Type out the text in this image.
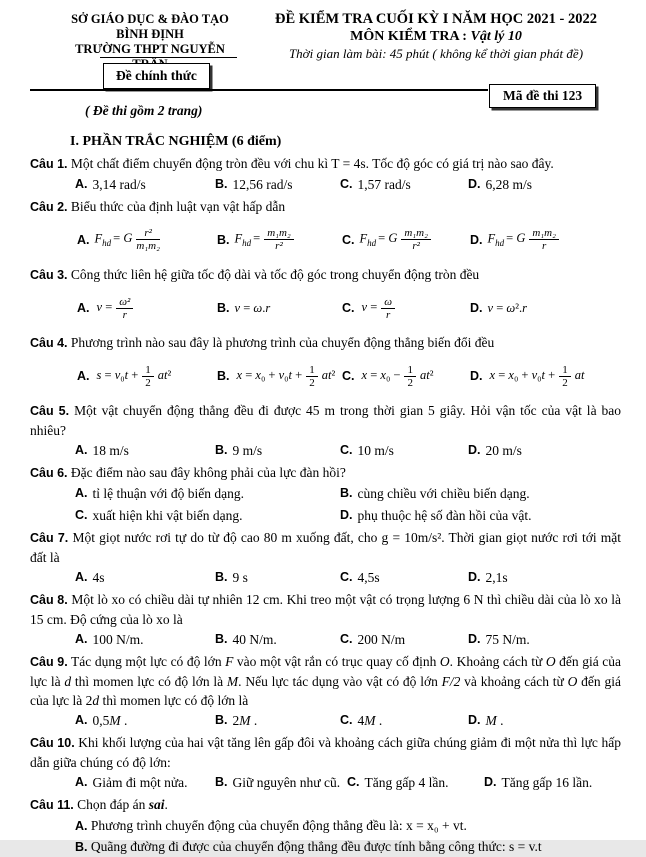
SỞ GIÁO DỤC & ĐÀO TẠO BÌNH ĐỊNH
TRƯỜNG THPT NGUYỄN
Đề chính thức
ĐỀ KIỂM TRA CUỐI KỲ I NĂM HỌC 2021 - 2022
MÔN KIỂM TRA : Vật lý 10
Thời gian làm bài: 45 phút ( không kể thời gian phát đề)
Mã đề thi 123
( Đề thi gồm 2 trang)
I. PHẦN TRẮC NGHIỆM (6 điểm)
Câu 1. Một chất điểm chuyển động tròn đều với chu kì T = 4s. Tốc độ góc có giá trị nào sao đây.
A. 3,14 rad/s	B. 12,56 rad/s	C. 1,57 rad/s	D. 6,28 m/s
Câu 2. Biểu thức của định luật vạn vật hấp dẫn
A. $F_{hd} = G \frac{\text{r²}}{\text{m₁m₂}}$	B. $F_{hd} = \frac{\text{m₁m₂}}{\text{r²}}$	C. $F_{hd} = G \frac{\text{m₁m₂}}{\text{r²}}$	D. $F_{hd} = G \frac{\text{m₁m₂}}{r}$
Câu 3. Công thức liên hệ giữa tốc độ dài và tốc độ góc trong chuyển động tròn đều
A. $v = \frac{\text{ω²}}{r}$	B. v = ω.r	C. $v = \frac{\omega}{r}$	D. v = ω².r
Câu 4. Phương trình nào sau đây là phương trình của chuyển động thẳng biến đổi đều
A. $s = v_0t + \frac{1}{2} at^2$	B. $x = x_0 + v_0t + \frac{1}{2} at^2$ C. $x = x_0 - \frac{1}{2} at^2$	D. $x = x_0 + v_0t + \frac{1}{2}$ at
Câu 5. Một vật chuyển động thẳng đều đi được 45 m trong thời gian 5 giây. Hỏi vận tốc của vật là bao nhiêu?
A. 18 m/s	B. 9 m/s	C. 10 m/s	D. 20 m/s
Câu 6. Đặc điểm nào sau đây không phải của lực đàn hồi?
A. tỉ lệ thuận với độ biến dạng.	B. cùng chiều với chiều biến dạng.
C. xuất hiện khi vật biến dạng.	D. phụ thuộc hệ số đàn hồi của vật.
Câu 7. Một giọt nước rơi tự do từ độ cao 80 m xuống đất, cho g = 10m/s². Thời gian giọt nước rơi tới mặt đất là
A. 4s	B. 9 s	C. 4,5s	D. 2,1s
Câu 8. Một lò xo có chiều dài tự nhiên 12 cm. Khi treo một vật có trọng lượng 6 N thì chiều dài của lò xo là 15 cm. Độ cứng của lò xo là
A. 100 N/m.	B. 40 N/m.	C. 200 N/m	D. 75 N/m.
Câu 9. Tác dụng một lực có độ lớn F vào một vật rắn có trục quay cố định O. Khoảng cách từ O đến giá của lực là d thì momen lực có độ lớn là M. Nếu lực tác dụng vào vật có độ lớn F/2 và khoảng cách từ O đến giá của lực là 2d thì momen lực có độ lớn là
A. 0,5M .	B. 2M .	C. 4M .	D. M .
Câu 10. Khi khối lượng của hai vật tăng lên gấp đôi và khoảng cách giữa chúng giảm đi một nửa thì lực hấp dẫn giữa chúng có độ lớn:
A. Giảm đi một nửa. B. Giữ nguyên như cũ. C. Tăng gấp 4 lần.	D. Tăng gấp 16 lần.
Câu 11. Chọn đáp án sai.
A. Phương trình chuyển động của chuyển động thẳng đều là: x = x₀ + vt.
B. Quãng đường đi được của chuyển động thẳng đều được tính bằng công thức: s = v.t
